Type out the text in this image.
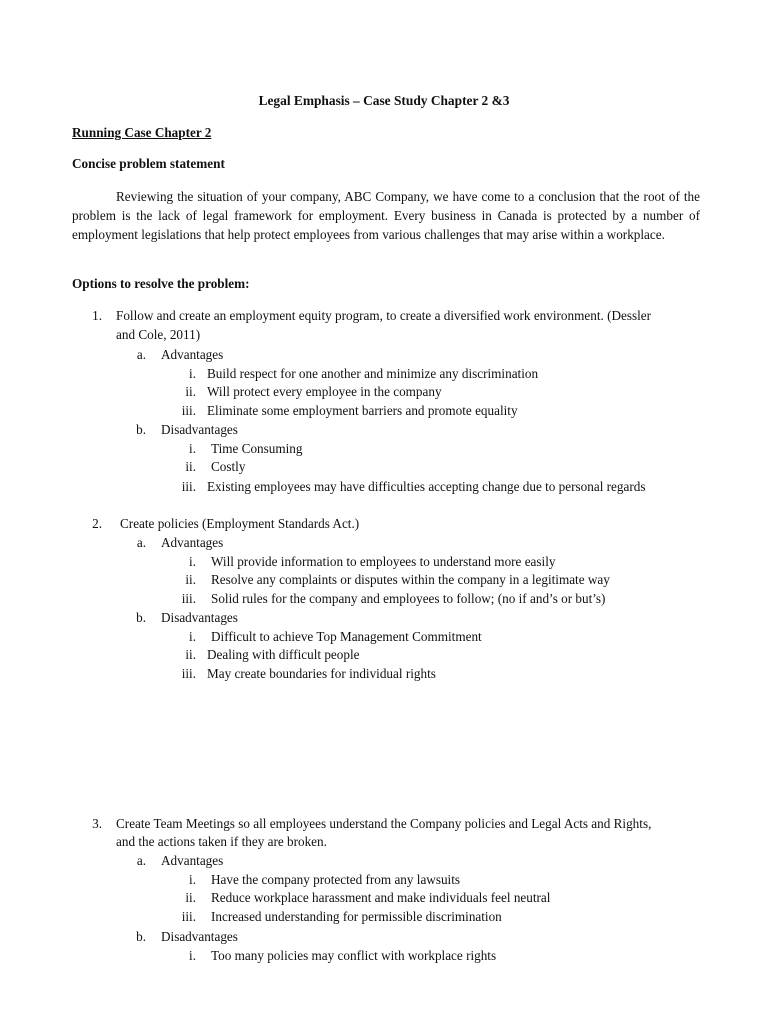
Legal Emphasis – Case Study Chapter 2 &3
Running Case Chapter 2
Concise problem statement
Reviewing the situation of your company, ABC Company, we have come to a conclusion that the root of the problem is the lack of legal framework for employment. Every business in Canada is protected by a number of employment legislations that help protect employees from various challenges that may arise within a workplace.
Options to resolve the problem:
1. Follow and create an employment equity program, to create a diversified work environment. (Dessler
and Cole, 2011)
a. Advantages
i. Build respect for one another and minimize any discrimination
ii. Will protect every employee in the company
iii. Eliminate some employment barriers and promote equality
b. Disadvantages
i. Time Consuming
ii. Costly
iii. Existing employees may have difficulties accepting change due to personal regards
2. Create policies (Employment Standards Act.)
a. Advantages
i. Will provide information to employees to understand more easily
ii. Resolve any complaints or disputes within the company in a legitimate way
iii. Solid rules for the company and employees to follow; (no if and’s or but’s)
b. Disadvantages
i. Difficult to achieve Top Management Commitment
ii. Dealing with difficult people
iii. May create boundaries for individual rights
3. Create Team Meetings so all employees understand the Company policies and Legal Acts and Rights,
and the actions taken if they are broken.
a. Advantages
i. Have the company protected from any lawsuits
ii. Reduce workplace harassment and make individuals feel neutral
iii. Increased understanding for permissible discrimination
b. Disadvantages
i. Too many policies may conflict with workplace rights
